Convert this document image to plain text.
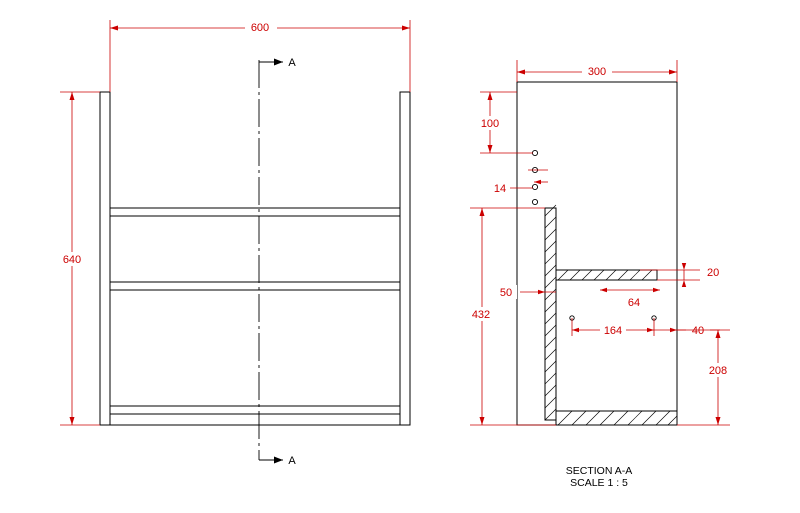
600
640
A
A
300
100
14
50
432
20
64
164	40
208
SECTION A-A
SCALE 1 : 5
